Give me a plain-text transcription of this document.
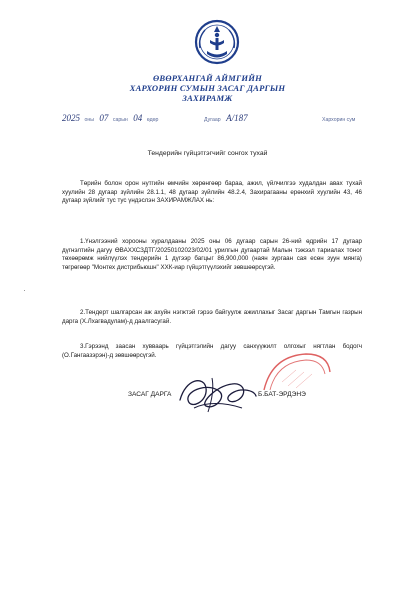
ӨВӨРХАНГАЙ АЙМГИЙН
ХАРХОРИН СУМЫН ЗАСАГ ДАРГЫН
ЗАХИРАМЖ
2025 оны 07 сарын 04 өдөр	Дугаар А/187	Хархорин сум
Тендерийн гүйцэтгэгчийг сонгох тухай
Төрийн болон орон нутгийн өмчийн хөрөнгөөр бараа, ажил, үйлчилгээ худалдан авах тухай хуулийн 28 дугаар зүйлийн 28.1.1, 48 дугаар зүйлийн 48.2.4, Захирагааны ерөнхий хуулийн 43, 46 дугаар зүйлийг тус тус үндэслэн ЗАХИРАМЖЛАХ нь:
1.Үнэлгээний хорооны хуралдааны 2025 оны 06 дугаар сарын 26-ний өдрийн 17 дугаар дүгнэлтийн дагуу ӨВАХХСЗДТГ/20250102023/02/01 урилгын дугаартай Малын тэжээл тариалах тоног төхөөрөмж нийлүүлэх тендерийн 1 дүгээр багцыг 86,900,000 (наян зургаан сая есөн зуун мянга) төгрөгөөр "Монтех дистрибьюшн" ХХК-иар гүйцэтгүүлэхийг зөвшөөрсүгэй.
2.Тендерт шалгарсан аж ахуйн нэгжтэй гэрээ байгуулж ажиллахыг Засаг даргын Тамгын газрын дарга (Х.Лхагвадулам)-д даалгасугай.
3.Гэрээнд заасан хувваарь гүйцэтгэлийн дагуу санхүүжилт олгохыг нягтлан бодогч (О.Гангаазэрэн)-д зөвшөөрсүгэй.
ЗАСАГ ДАРГА	Б.БАТ-ЭРДЭНЭ
